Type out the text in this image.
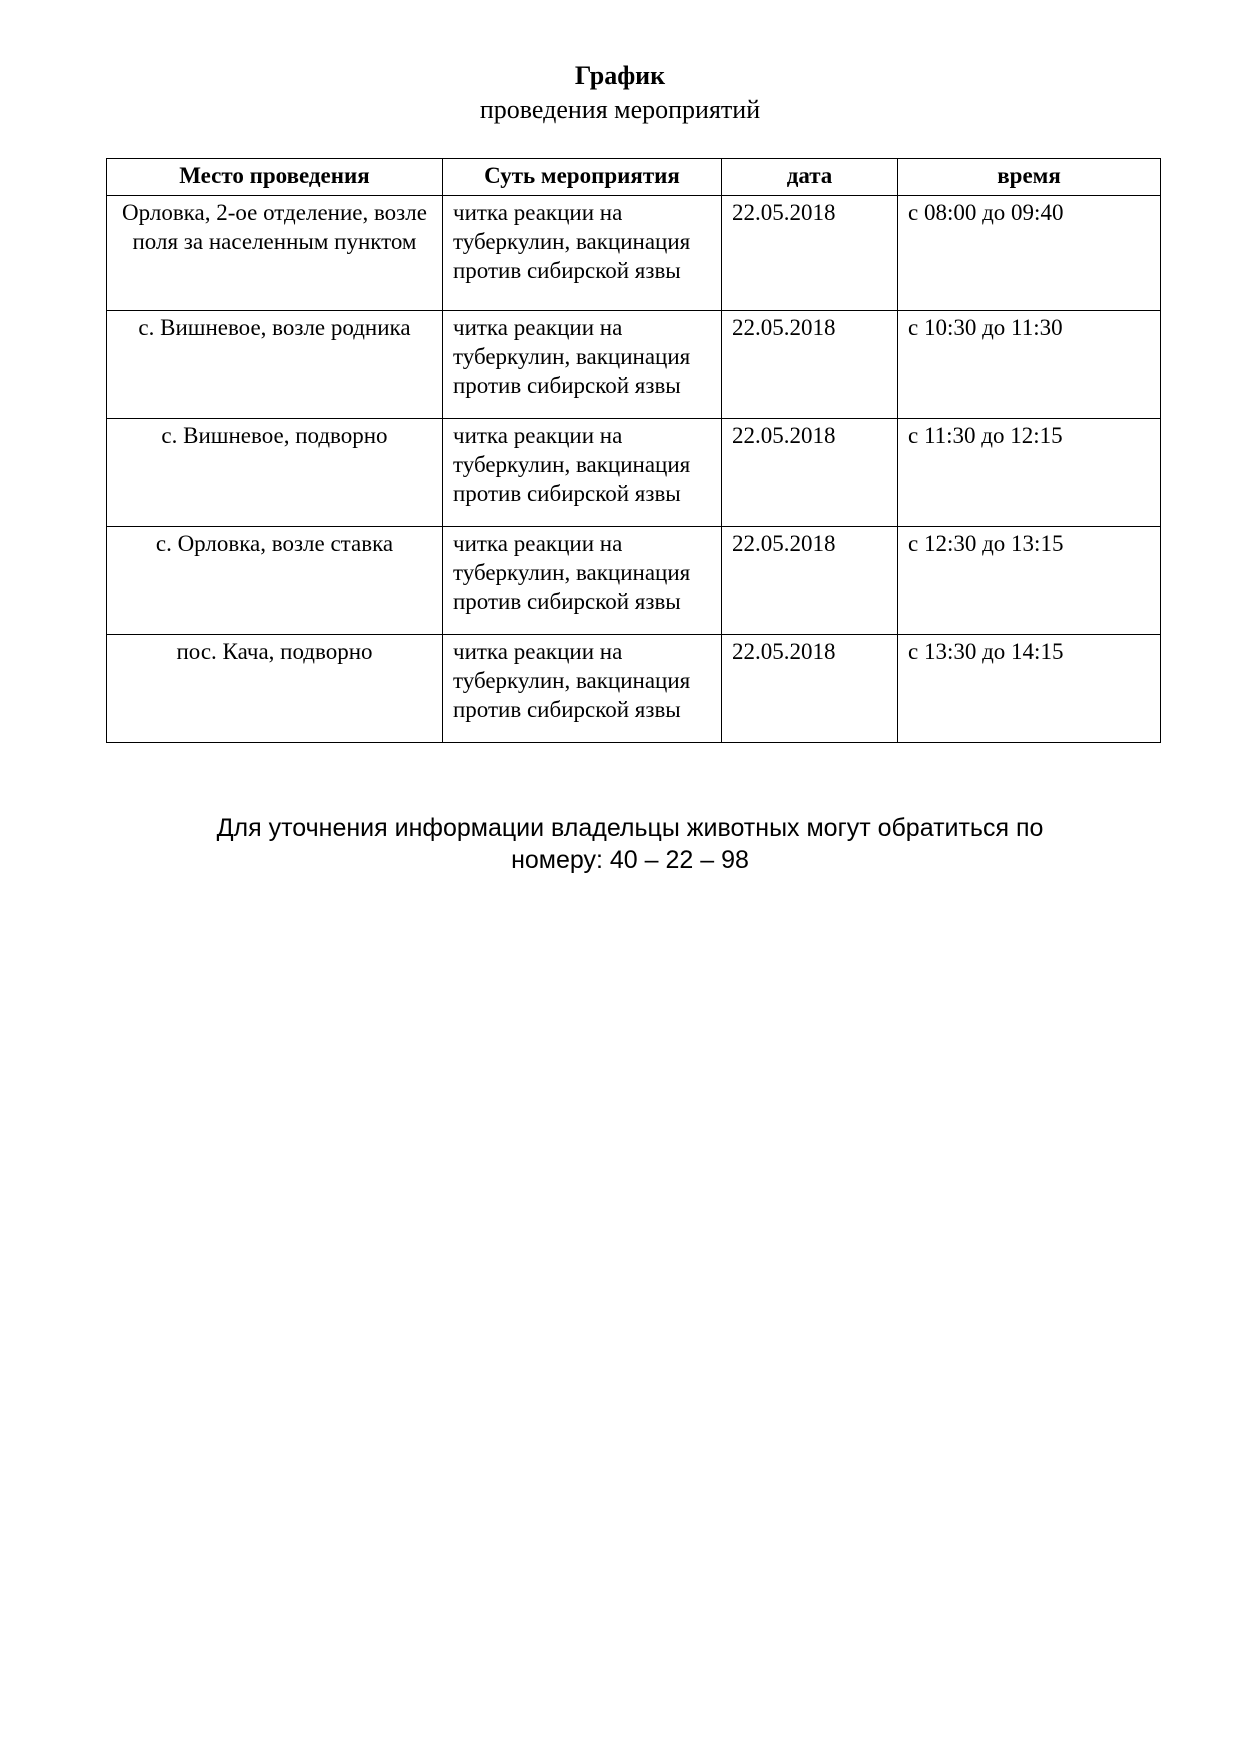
График
проведения мероприятий
Место проведения	Суть мероприятия	дата	время
Орловка, 2-ое отделение, возле поля за населенным пунктом	читка реакции на туберкулин, вакцинация против сибирской язвы	22.05.2018	с 08:00 до 09:40
с. Вишневое, возле родника	читка реакции на туберкулин, вакцинация против сибирской язвы	22.05.2018	с 10:30 до 11:30
с. Вишневое, подворно	читка реакции на туберкулин, вакцинация против сибирской язвы	22.05.2018	с 11:30 до 12:15
с. Орловка, возле ставка	читка реакции на туберкулин, вакцинация против сибирской язвы	22.05.2018	с 12:30 до 13:15
пос. Кача, подворно	читка реакции на туберкулин, вакцинация против сибирской язвы	22.05.2018	с 13:30 до 14:15
Для уточнения информации владельцы животных могут обратиться по
номеру: 40 – 22 – 98
